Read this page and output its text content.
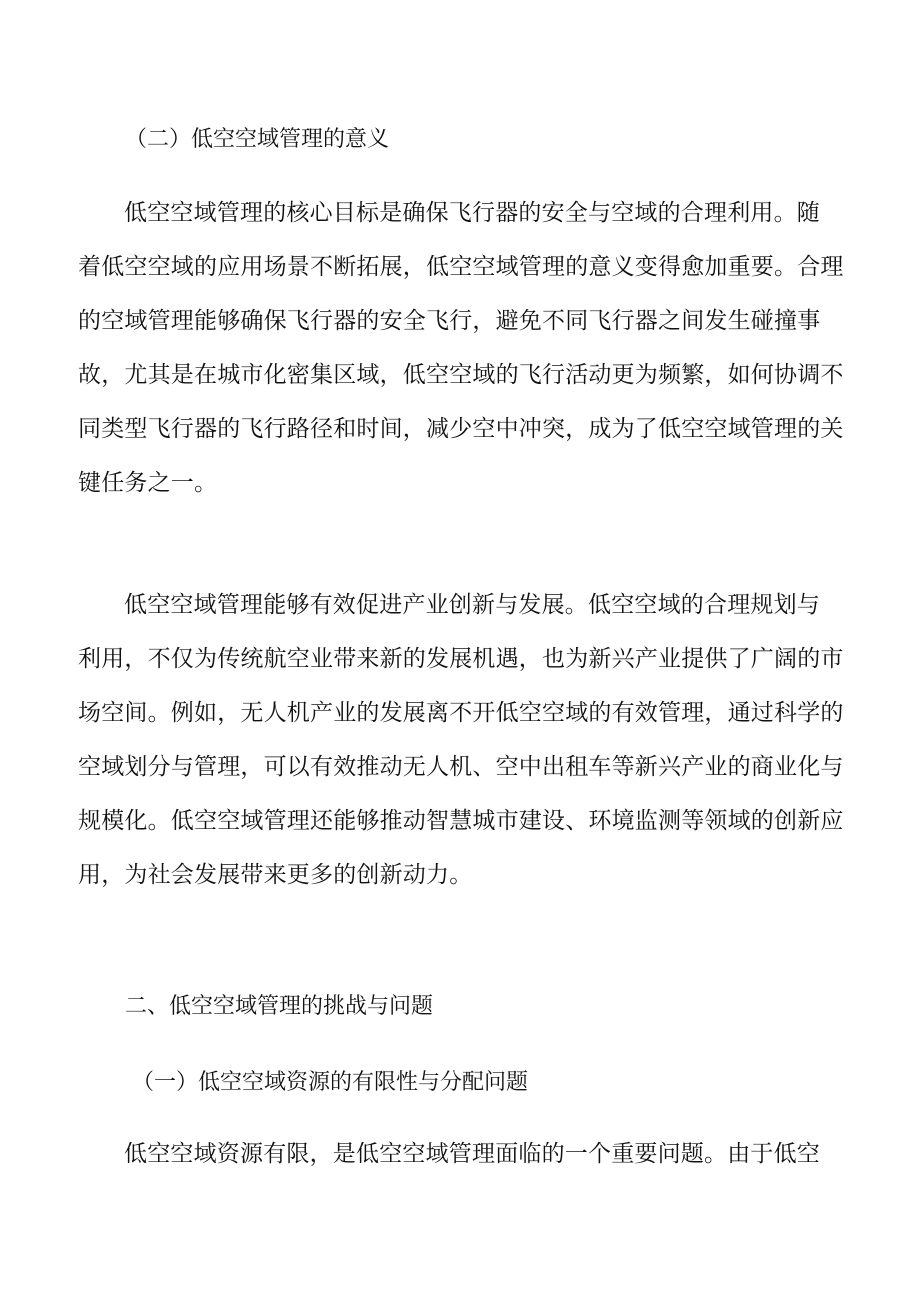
（二）低空空域管理的意义
低空空域管理的核心目标是确保飞行器的安全与空域的合理利用。随
着低空空域的应用场景不断拓展，低空空域管理的意义变得愈加重要。合理
的空域管理能够确保飞行器的安全飞行，避免不同飞行器之间发生碰撞事
故，尤其是在城市化密集区域，低空空域的飞行活动更为频繁，如何协调不
同类型飞行器的飞行路径和时间，减少空中冲突，成为了低空空域管理的关
键任务之一。
低空空域管理能够有效促进产业创新与发展。低空空域的合理规划与
利用，不仅为传统航空业带来新的发展机遇，也为新兴产业提供了广阔的市
场空间。例如，无人机产业的发展离不开低空空域的有效管理，通过科学的
空域划分与管理，可以有效推动无人机、空中出租车等新兴产业的商业化与
规模化。低空空域管理还能够推动智慧城市建设、环境监测等领域的创新应
用，为社会发展带来更多的创新动力。
二、低空空域管理的挑战与问题
（一）低空空域资源的有限性与分配问题
低空空域资源有限，是低空空域管理面临的一个重要问题。由于低空
